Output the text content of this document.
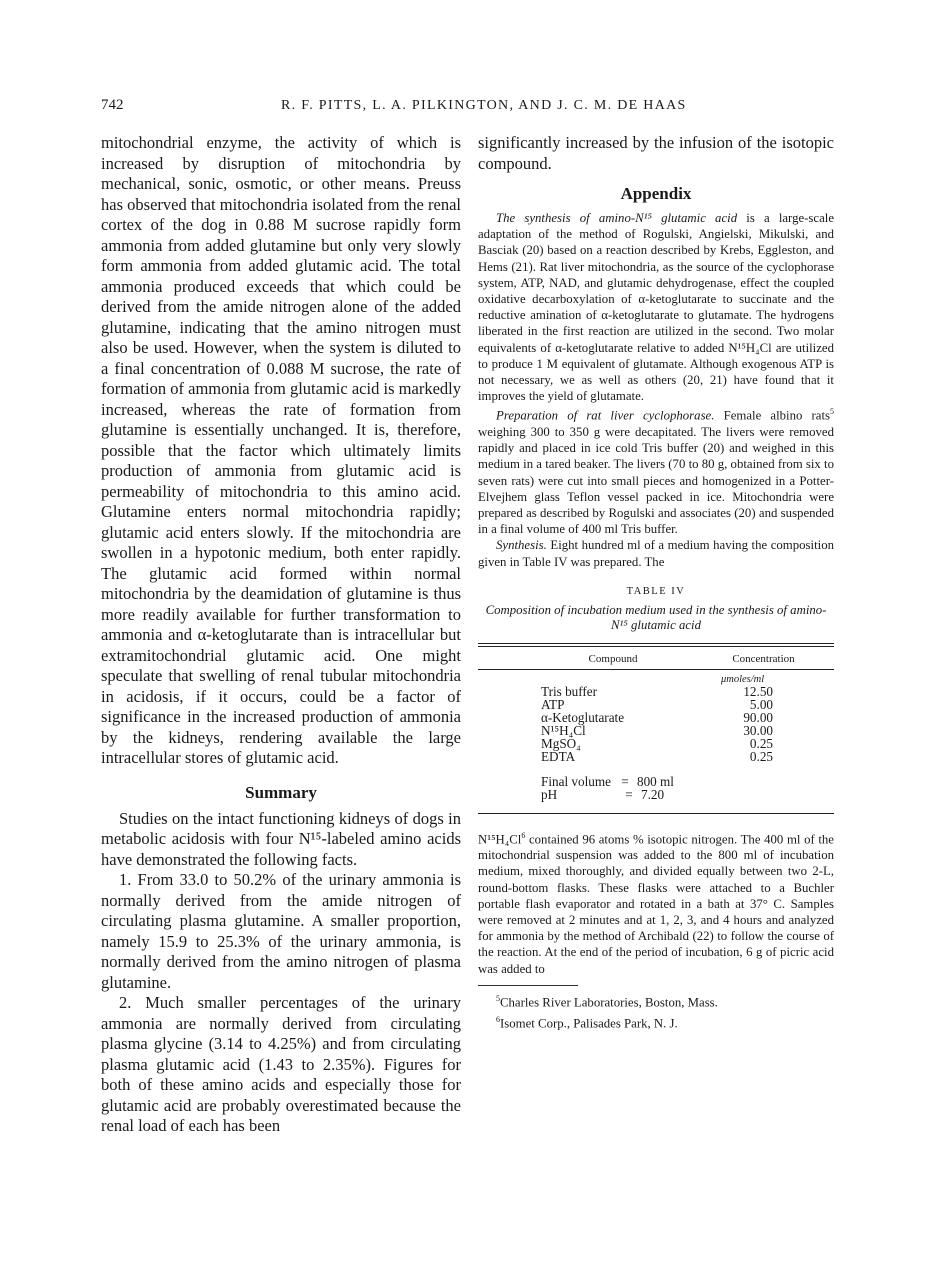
742	R. F. PITTS, L. A. PILKINGTON, AND J. C. M. DE HAAS

mitochondrial enzyme, the activity of which is increased by disruption of mitochondria by mechanical, sonic, osmotic, or other means. Preuss has observed that mitochondria isolated from the renal cortex of the dog in 0.88 M sucrose rapidly form ammonia from added glutamine but only very slowly form ammonia from added glutamic acid. The total ammonia produced exceeds that which could be derived from the amide nitrogen alone of the added glutamine, indicating that the amino nitrogen must also be used. However, when the system is diluted to a final concentration of 0.088 M sucrose, the rate of formation of ammonia from glutamic acid is markedly increased, whereas the rate of formation from glutamine is essentially unchanged. It is, therefore, possible that the factor which ultimately limits production of ammonia from glutamic acid is permeability of mitochondria to this amino acid. Glutamine enters normal mitochondria rapidly; glutamic acid enters slowly. If the mitochondria are swollen in a hypotonic medium, both enter rapidly. The glutamic acid formed within normal mitochondria by the deamidation of glutamine is thus more readily available for further transformation to ammonia and α-ketoglutarate than is intracellular but extramitochondrial glutamic acid. One might speculate that swelling of renal tubular mitochondria in acidosis, if it occurs, could be a factor of significance in the increased production of ammonia by the kidneys, rendering available the large intracellular stores of glutamic acid.

Summary

Studies on the intact functioning kidneys of dogs in metabolic acidosis with four N¹⁵-labeled amino acids have demonstrated the following facts.

1. From 33.0 to 50.2% of the urinary ammonia is normally derived from the amide nitrogen of circulating plasma glutamine. A smaller proportion, namely 15.9 to 25.3% of the urinary ammonia, is normally derived from the amino nitrogen of plasma glutamine.

2. Much smaller percentages of the urinary ammonia are normally derived from circulating plasma glycine (3.14 to 4.25%) and from circulating plasma glutamic acid (1.43 to 2.35%). Figures for both of these amino acids and especially those for glutamic acid are probably overestimated because the renal load of each has been

significantly increased by the infusion of the isotopic compound.

Appendix

The synthesis of amino-N¹⁵ glutamic acid is a large-scale adaptation of the method of Rogulski, Angielski, Mikulski, and Basciak (20) based on a reaction described by Krebs, Eggleston, and Hems (21). Rat liver mitochondria, as the source of the cyclophorase system, ATP, NAD, and glutamic dehydrogenase, effect the coupled oxidative decarboxylation of α-ketoglutarate to succinate and the reductive amination of α-ketoglutarate to glutamate. The hydrogens liberated in the first reaction are utilized in the second. Two molar equivalents of α-ketoglutarate relative to added N¹⁵H₄Cl are utilized to produce 1 M equivalent of glutamate. Although exogenous ATP is not necessary, we as well as others (20, 21) have found that it improves the yield of glutamate.

Preparation of rat liver cyclophorase. Female albino rats$^5$ weighing 300 to 350 g were decapitated. The livers were removed rapidly and placed in ice cold Tris buffer (20) and weighed in this medium in a tared beaker. The livers (70 to 80 g, obtained from six to seven rats) were cut into small pieces and homogenized in a Potter-Elvejhem glass Teflon vessel packed in ice. Mitochondria were prepared as described by Rogulski and associates (20) and suspended in a final volume of 400 ml Tris buffer.

Synthesis. Eight hundred ml of a medium having the composition given in Table IV was prepared. The

TABLE IV

Composition of incubation medium used in the synthesis of amino-N¹⁵ glutamic acid

Compound	Concentration
μmoles/ml
Tris buffer	12.50
ATP	5.00
α-Ketoglutarate	90.00
N¹⁵H₄Cl	30.00
MgSO₄	0.25
EDTA	0.25
Final volume = 800 ml
pH	= 7.20

N¹⁵H₄Cl$^6$ contained 96 atoms % isotopic nitrogen. The 400 ml of the mitochondrial suspension was added to the 800 ml of incubation medium, mixed thoroughly, and divided equally between two 2-L, round-bottom flasks. These flasks were attached to a Buchler portable flash evaporator and rotated in a bath at 37° C. Samples were removed at 2 minutes and at 1, 2, 3, and 4 hours and analyzed for ammonia by the method of Archibald (22) to follow the course of the reaction. At the end of the period of incubation, 6 g of picric acid was added to

$^5$Charles River Laboratories, Boston, Mass.

$^6$Isomet Corp., Palisades Park, N. J.
